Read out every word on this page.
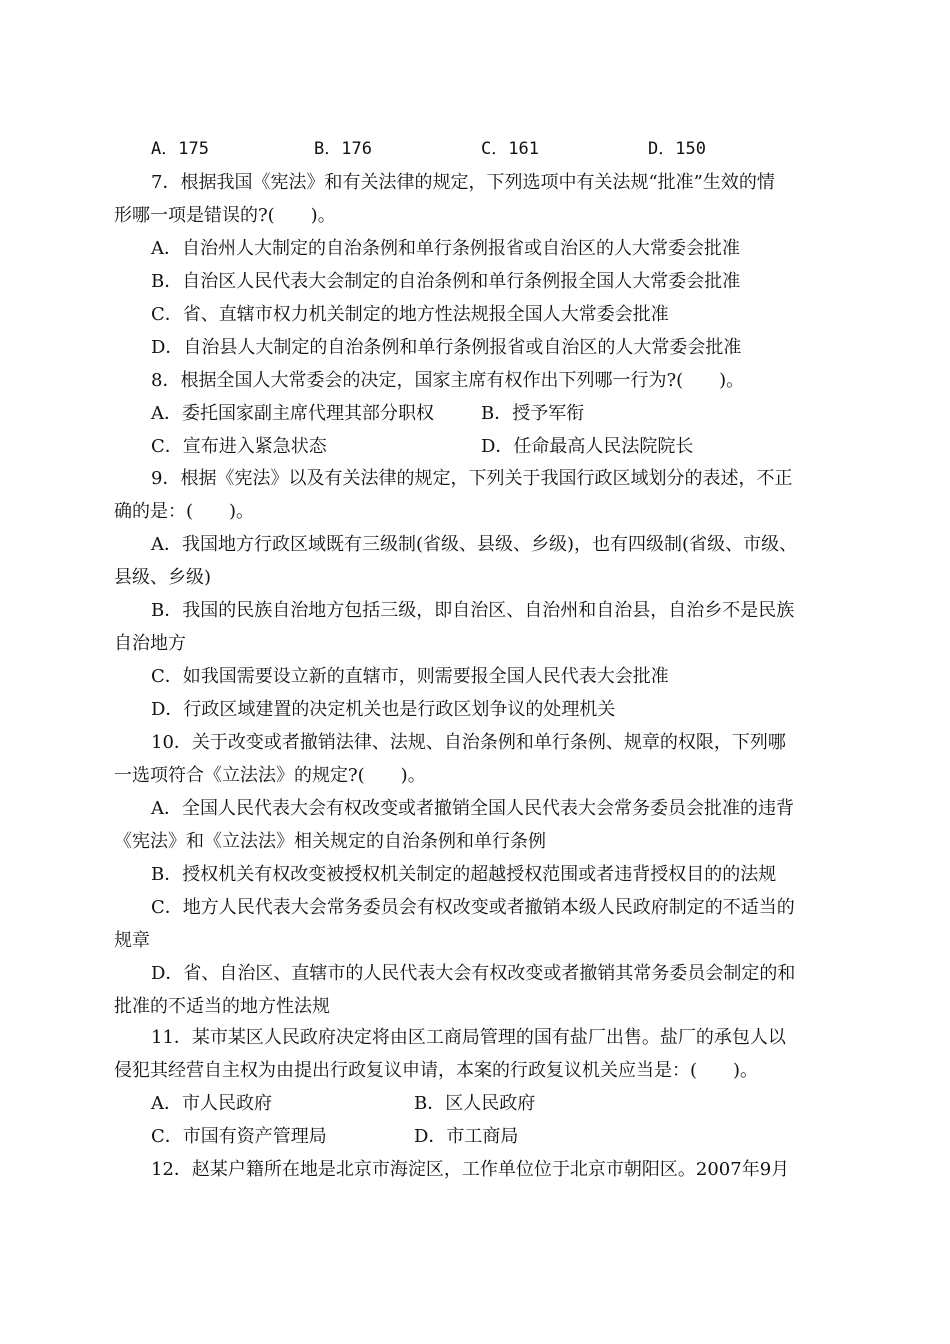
A．175	B．176	C．161	D．150
7．根据我国《宪法》和有关法律的规定，下列选项中有关法规“批准”生效的情
形哪一项是错误的?(　　)。
A．自治州人大制定的自治条例和单行条例报省或自治区的人大常委会批准
B．自治区人民代表大会制定的自治条例和单行条例报全国人大常委会批准
C．省、直辖市权力机关制定的地方性法规报全国人大常委会批准
D．自治县人大制定的自治条例和单行条例报省或自治区的人大常委会批准
8．根据全国人大常委会的决定，国家主席有权作出下列哪一行为?(　　)。
A．委托国家副主席代理其部分职权	B．授予军衔
C．宣布进入紧急状态	D．任命最高人民法院院长
9．根据《宪法》以及有关法律的规定，下列关于我国行政区域划分的表述，不正
确的是：(　　)。
A．我国地方行政区域既有三级制(省级、县级、乡级)，也有四级制(省级、市级、
县级、乡级)
B．我国的民族自治地方包括三级，即自治区、自治州和自治县，自治乡不是民族
自治地方
C．如我国需要设立新的直辖市，则需要报全国人民代表大会批准
D．行政区域建置的决定机关也是行政区划争议的处理机关
10．关于改变或者撤销法律、法规、自治条例和单行条例、规章的权限，下列哪
一选项符合《立法法》的规定?(　　)。
A．全国人民代表大会有权改变或者撤销全国人民代表大会常务委员会批准的违背
《宪法》和《立法法》相关规定的自治条例和单行条例
B．授权机关有权改变被授权机关制定的超越授权范围或者违背授权目的的法规
C．地方人民代表大会常务委员会有权改变或者撤销本级人民政府制定的不适当的
规章
D．省、自治区、直辖市的人民代表大会有权改变或者撤销其常务委员会制定的和
批准的不适当的地方性法规
11．某市某区人民政府决定将由区工商局管理的国有盐厂出售。盐厂的承包人以
侵犯其经营自主权为由提出行政复议申请，本案的行政复议机关应当是：(　　)。
A．市人民政府	B．区人民政府
C．市国有资产管理局	D．市工商局
12．赵某户籍所在地是北京市海淀区，工作单位位于北京市朝阳区。2007年9月
